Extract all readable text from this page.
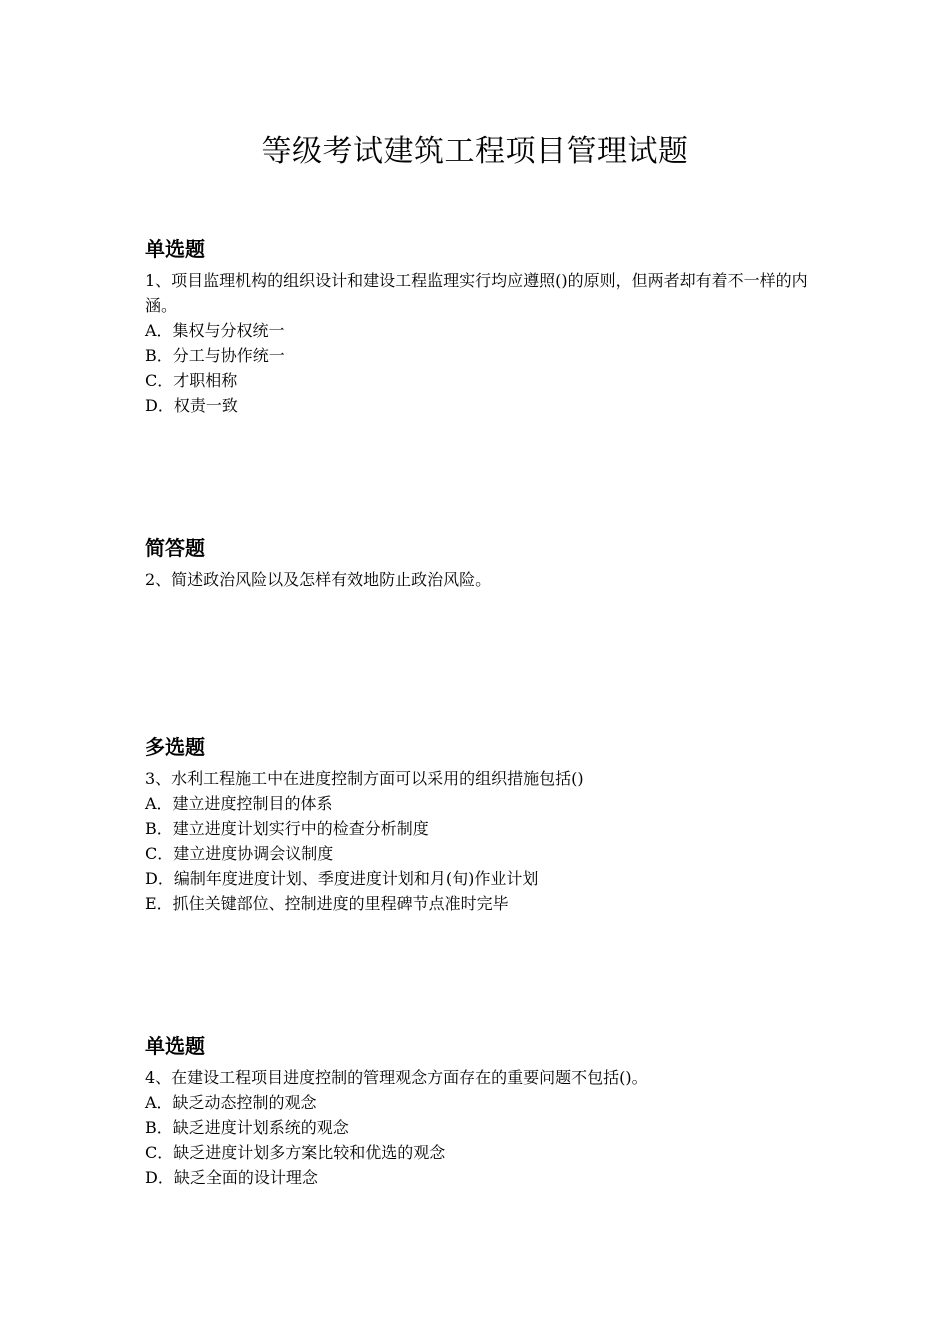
等级考试建筑工程项目管理试题
单选题

1、项目监理机构的组织设计和建设工程监理实行均应遵照()的原则，但两者却有着不一样的内涵。

A．集权与分权统一
B．分工与协作统一
C．才职相称
D．权责一致
简答题

2、简述政治风险以及怎样有效地防止政治风险。

多选题

3、水利工程施工中在进度控制方面可以采用的组织措施包括()

A．建立进度控制目的体系
B．建立进度计划实行中的检查分析制度
C．建立进度协调会议制度
D．编制年度进度计划、季度进度计划和月(旬)作业计划
E．抓住关键部位、控制进度的里程碑节点准时完毕
单选题

4、在建设工程项目进度控制的管理观念方面存在的重要问题不包括()。

A．缺乏动态控制的观念
B．缺乏进度计划系统的观念
C．缺乏进度计划多方案比较和优选的观念
D．缺乏全面的设计理念
